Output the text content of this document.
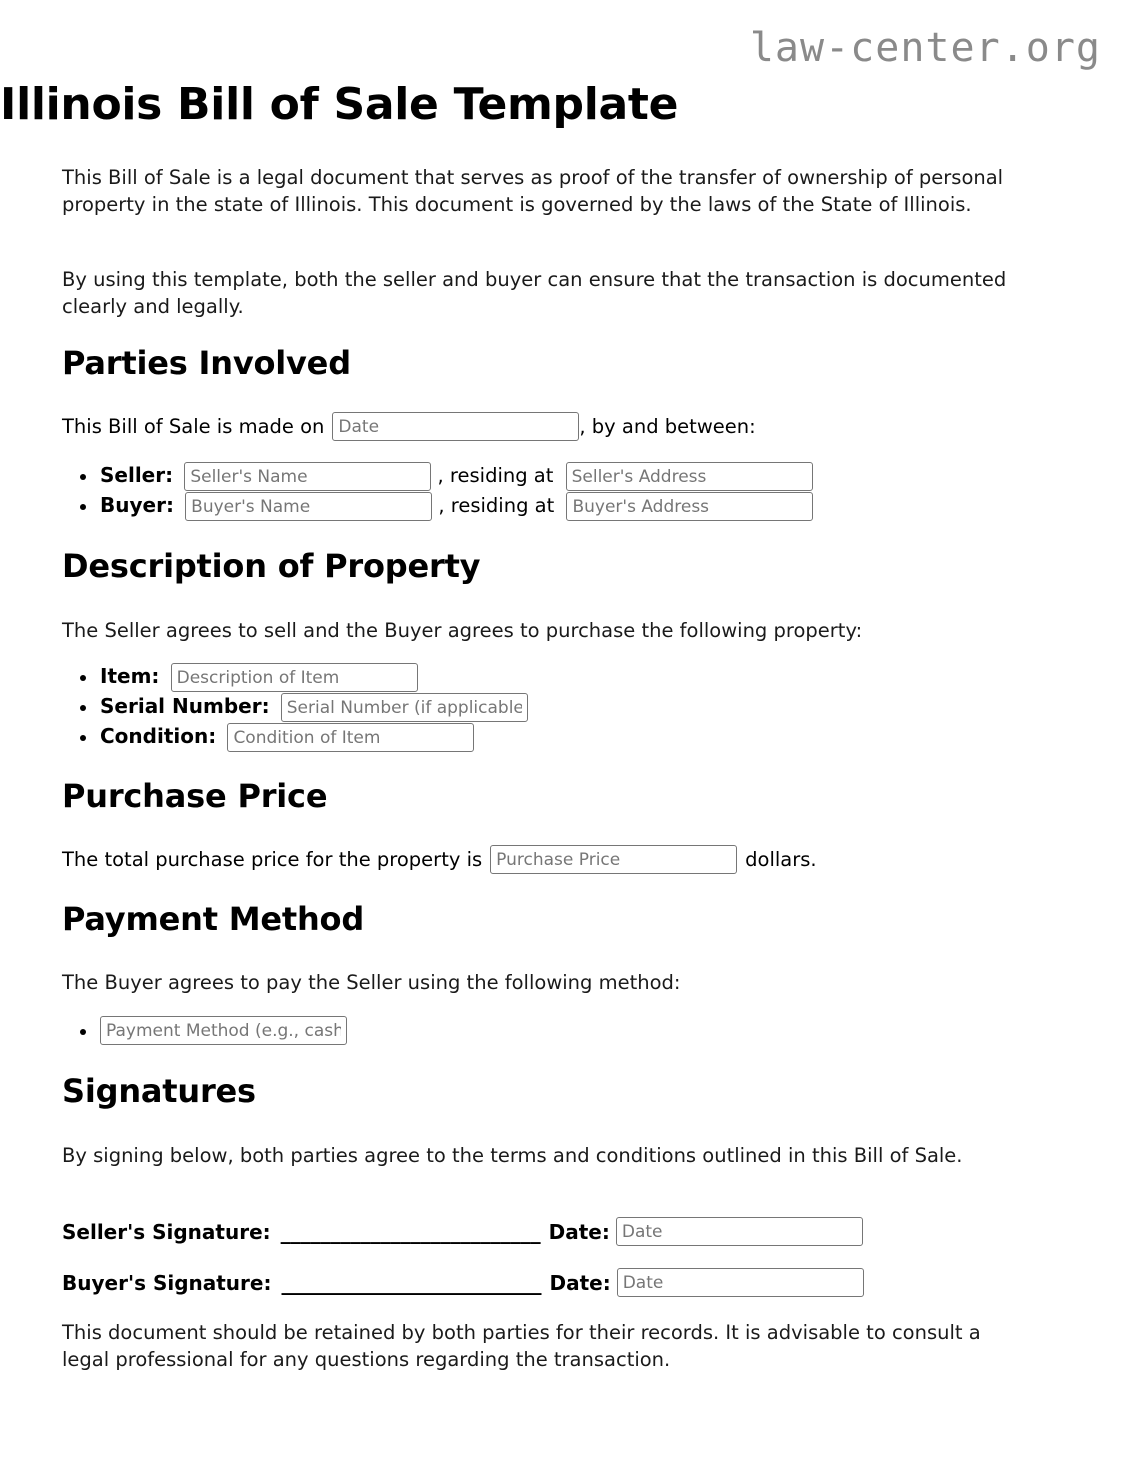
law-center.org
Illinois Bill of Sale Template

This Bill of Sale is a legal document that serves as proof of the transfer of ownership of personal property in the state of Illinois. This document is governed by the laws of the State of Illinois.

By using this template, both the seller and buyer can ensure that the transaction is documented clearly and legally.

Parties Involved
This Bill of Sale is made on
Date	, by and between:
Seller: Seller's Name	, residing at Seller's Address
Buyer: Buyer's Name	, residing at Buyer's Address
Description of Property

The Seller agrees to sell and the Buyer agrees to purchase the following property:

Item: Description of Item
Serial Number: Serial Number (if applicable)
Condition: Condition of Item
Purchase Price
The total purchase price for the property is
Purchase Price	dollars.
Payment Method

The Buyer agrees to pay the Seller using the following method:

Payment Method (e.g., cash, check, credit card)
Signatures

By signing below, both parties agree to the terms and conditions outlined in this Bill of Sale.

Seller's Signature: __________________________ Date:
Date
Buyer's Signature: __________________________ Date:
Date

This document should be retained by both parties for their records. It is advisable to consult a legal professional for any questions regarding the transaction.
